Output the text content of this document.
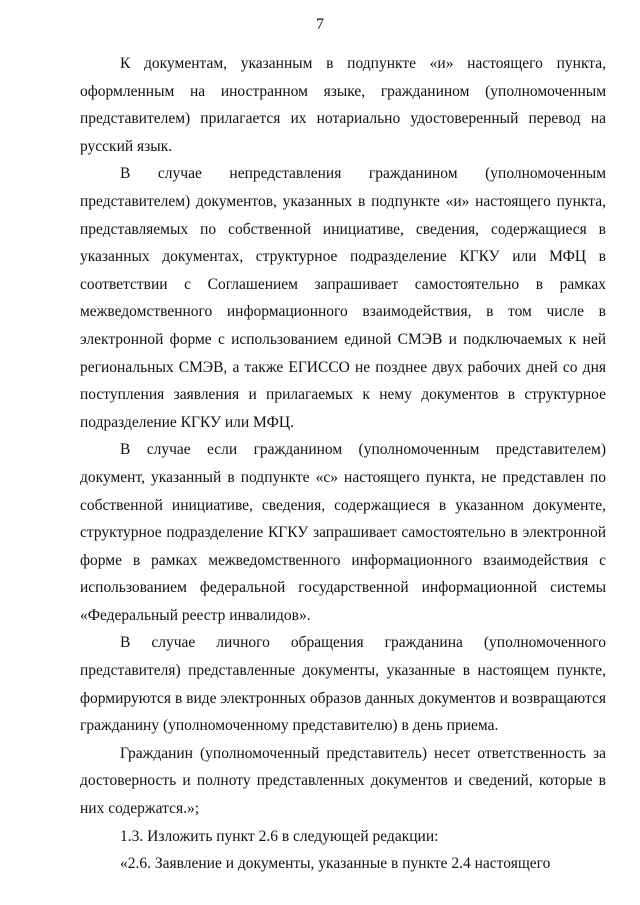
7

К документам, указанным в подпункте «и» настоящего пункта, оформленным на иностранном языке, гражданином (уполномоченным представителем) прилагается их нотариально удостоверенный перевод на русский язык.

В случае непредставления гражданином (уполномоченным представителем) документов, указанных в подпункте «и» настоящего пункта, представляемых по собственной инициативе, сведения, содержащиеся в указанных документах, структурное подразделение КГКУ или МФЦ в соответствии с Соглашением запрашивает самостоятельно в рамках межведомственного информационного взаимодействия, в том числе в электронной форме с использованием единой СМЭВ и подключаемых к ней региональных СМЭВ, а также ЕГИССО не позднее двух рабочих дней со дня поступления заявления и прилагаемых к нему документов в структурное подразделение КГКУ или МФЦ.

В случае если гражданином (уполномоченным представителем) документ, указанный в подпункте «с» настоящего пункта, не представлен по собственной инициативе, сведения, содержащиеся в указанном документе, структурное подразделение КГКУ запрашивает самостоятельно в электронной форме в рамках межведомственного информационного взаимодействия с использованием федеральной государственной информационной системы «Федеральный реестр инвалидов».

В случае личного обращения гражданина (уполномоченного представителя) представленные документы, указанные в настоящем пункте, формируются в виде электронных образов данных документов и возвращаются гражданину (уполномоченному представителю) в день приема.

Гражданин (уполномоченный представитель) несет ответственность за достоверность и полноту представленных документов и сведений, которые в них содержатся.»;

1.3. Изложить пункт 2.6 в следующей редакции:

«2.6. Заявление и документы, указанные в пункте 2.4 настоящего
